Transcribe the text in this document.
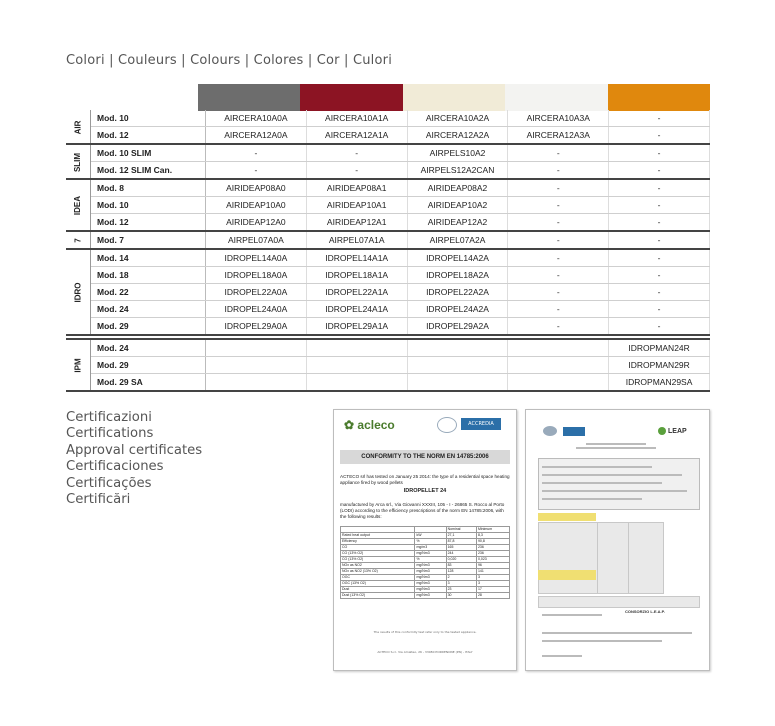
Colori | Couleurs | Colours | Colores | Cor | Culori
AIR	Mod. 10	AIRCERA10A0A	AIRCERA10A1A	AIRCERA10A2A	AIRCERA10A3A	-
	Mod. 12	AIRCERA12A0A	AIRCERA12A1A	AIRCERA12A2A	AIRCERA12A3A	-
SLIM	Mod. 10 SLIM	-	-	AIRPELS10A2	-	-
	Mod. 12 SLIM Can.	-	-	AIRPELS12A2CAN	-	-
IDEA	Mod. 8	AIRIDEAP08A0	AIRIDEAP08A1	AIRIDEAP08A2	-	-
	Mod. 10	AIRIDEAP10A0	AIRIDEAP10A1	AIRIDEAP10A2	-	-
	Mod. 12	AIRIDEAP12A0	AIRIDEAP12A1	AIRIDEAP12A2	-	-
7	Mod. 7	AIRPEL07A0A	AIRPEL07A1A	AIRPEL07A2A	-	-
IDRO	Mod. 14	IDROPEL14A0A	IDROPEL14A1A	IDROPEL14A2A	-	-
	Mod. 18	IDROPEL18A0A	IDROPEL18A1A	IDROPEL18A2A	-	-
	Mod. 22	IDROPEL22A0A	IDROPEL22A1A	IDROPEL22A2A	-	-
	Mod. 24	IDROPEL24A0A	IDROPEL24A1A	IDROPEL24A2A	-	-
	Mod. 29	IDROPEL29A0A	IDROPEL29A1A	IDROPEL29A2A	-	-

IPM	Mod. 24					IDROPMAN24R
	Mod. 29					IDROPMAN29R
	Mod. 29 SA					IDROPMAN29SA
Certificazioni
Certifications
Approval certificates
Certificaciones
Certificações
Certificări
✿ acleco	ACCREDIA
CONFORMITY TO THE NORM EN 14785:2006
ACTECO srl has tested on January 25 2014: the type of a residential space heating appliance fired by wood pellets
IDROPELLET 24
manufactured by Arca srl., Via Giovanni XXXIII, 105 - I - 26865 S. Rocco al Porto (LODI) according to the efficiency prescriptions of the norm EN 14785:2006, with the following results:
		Nominal	Minimum
Rated heat output	kW	27,1	8,3
Efficiency	%	87,8	90,8
CO	mg/m3	165	236
CO (13% O2)	mg/Nm3	244	236
CO (13% O2)	%	0,020	0,023
NOx as NO2	mg/Nm3	83	96
NOx as NO2 (13% O2)	mg/Nm3	128	141
OGC	mg/Nm3	2	3
OGC (13% O2)	mg/Nm3	3	3
Dust	mg/Nm3	23	17
Dust (13% O2)	mg/Nm3	30	28
The results of this conformity test refer only to the tested appliance.
ACTECO S.r.l. Via Amalteo, 26 - 33080 PORDENONE (PN) - ITALY
LEAP
CONSORZIO L.E.A.P.
